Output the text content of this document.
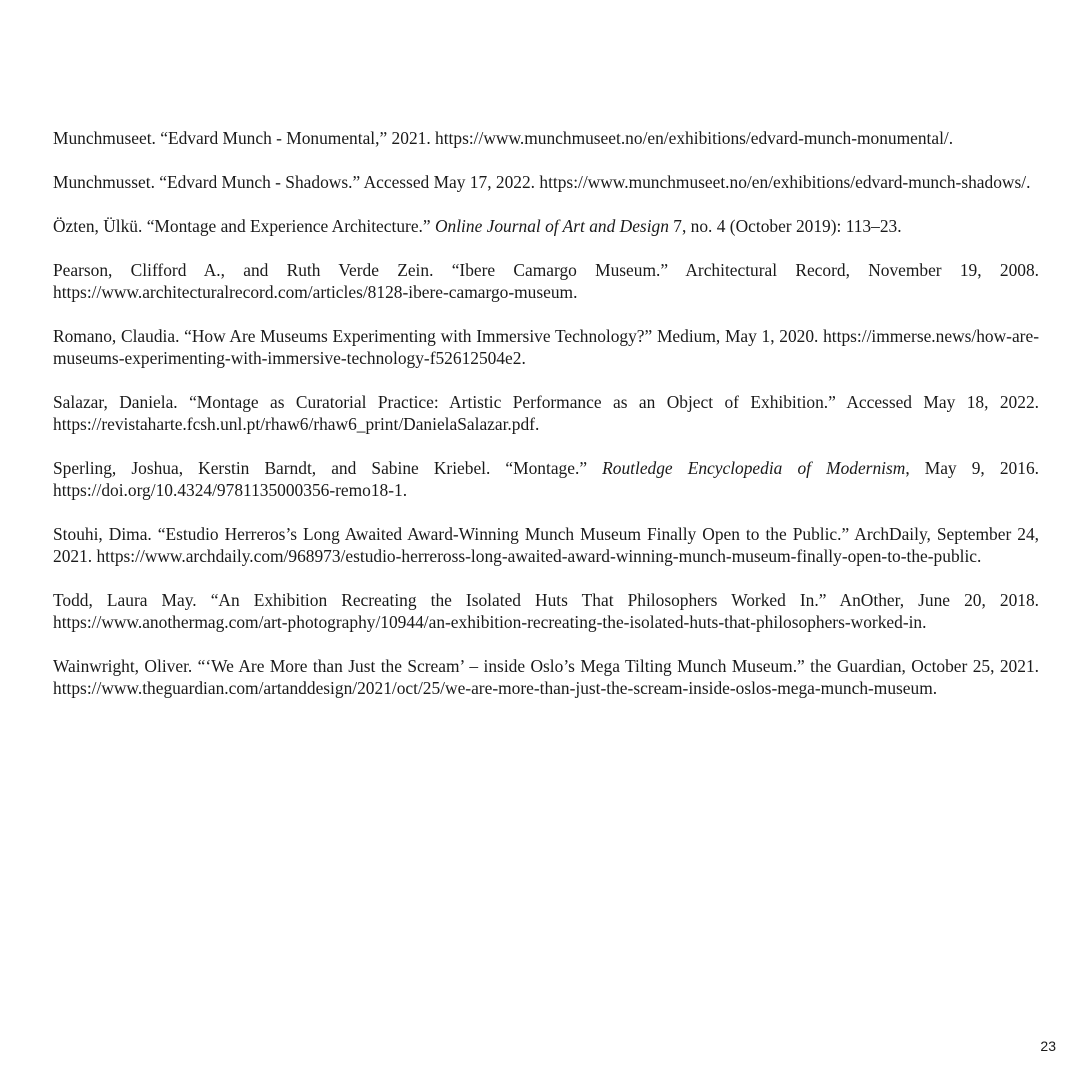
Munchmuseet. “Edvard Munch - Monumental,” 2021. https://www.munchmuseet.no/en/exhibitions/edvard-munch-monumental/.

Munchmusset. “Edvard Munch - Shadows.” Accessed May 17, 2022. https://www.munchmuseet.no/en/exhibitions/edvard-munch-shadows/.

Özten, Ülkü. “Montage and Experience Architecture.” Online Journal of Art and Design 7, no. 4 (October 2019): 113–23.

Pearson, Clifford A., and Ruth Verde Zein. “Ibere Camargo Museum.” Architectural Record, November 19, 2008. https://www.architecturalrecord.com/articles/8128-ibere-camargo-museum.

Romano, Claudia. “How Are Museums Experimenting with Immersive Technology?” Medium, May 1, 2020. https://immerse.news/how-are-museums-experimenting-with-immersive-technology-f52612504e2.

Salazar, Daniela. “Montage as Curatorial Practice: Artistic Performance as an Object of Exhibition.” Accessed May 18, 2022. https://revistaharte.fcsh.unl.pt/rhaw6/rhaw6_print/DanielaSalazar.pdf.

Sperling, Joshua, Kerstin Barndt, and Sabine Kriebel. “Montage.” Routledge Encyclopedia of Modernism, May 9, 2016. https://doi.org/10.4324/9781135000356-remo18-1.

Stouhi, Dima. “Estudio Herreros’s Long Awaited Award-Winning Munch Museum Finally Open to the Public.” ArchDaily, September 24, 2021. https://www.archdaily.com/968973/estudio-herreross-long-awaited-award-winning-munch-museum-finally-open-to-the-public.

Todd, Laura May. “An Exhibition Recreating the Isolated Huts That Philosophers Worked In.” AnOther, June 20, 2018. https://www.anothermag.com/art-photography/10944/an-exhibition-recreating-the-isolated-huts-that-philosophers-worked-in.

Wainwright, Oliver. “‘We Are More than Just the Scream’ – inside Oslo’s Mega Tilting Munch Museum.” the Guardian, October 25, 2021. https://www.theguardian.com/artanddesign/2021/oct/25/we-are-more-than-just-the-scream-inside-oslos-mega-munch-museum.

23
